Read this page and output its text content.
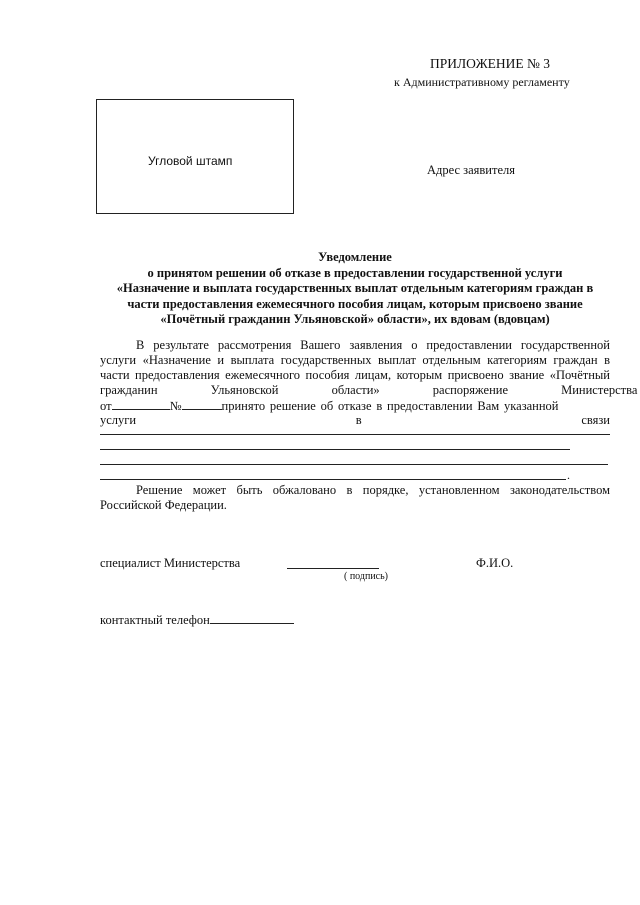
ПРИЛОЖЕНИЕ № 3
к Административному регламенту
Угловой штамп
Адрес заявителя
Уведомление
о принятом решении об отказе в предоставлении государственной услуги
«Назначение и выплата государственных выплат отдельным категориям граждан в
части предоставления ежемесячного пособия лицам, которым присвоено звание
«Почётный гражданин Ульяновской» области», их вдовам (вдовцам)
В результате рассмотрения Вашего заявления о предоставлении государственной
услуги «Назначение и выплата государственных выплат отдельным категориям граждан в
части предоставления ежемесячного пособия лицам, которым присвоено звание «Почётный
гражданин Ульяновской области» распоряжение Министерства
от	№	принято решение об отказе в предоставлении Вам указанной
услуги в связи
.
Решение может быть обжаловано в порядке, установленном законодательством
Российской Федерации.
специалист Министерства
( подпись)
Ф.И.О.
контактный телефон
